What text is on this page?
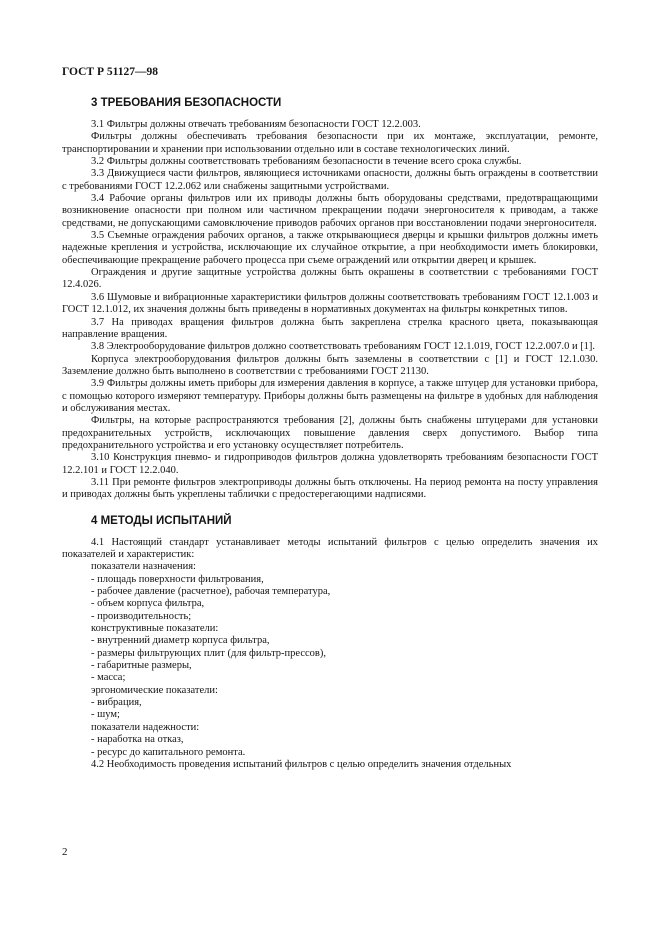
ГОСТ Р 51127—98
3 ТРЕБОВАНИЯ БЕЗОПАСНОСТИ

3.1 Фильтры должны отвечать требованиям безопасности ГОСТ 12.2.003.

Фильтры должны обеспечивать требования безопасности при их монтаже, эксплуатации, ремонте, транспортировании и хранении при использовании отдельно или в составе технологических линий.

3.2 Фильтры должны соответствовать требованиям безопасности в течение всего срока службы.

3.3 Движущиеся части фильтров, являющиеся источниками опасности, должны быть ограждены в соответствии с требованиями ГОСТ 12.2.062 или снабжены защитными устройствами.

3.4 Рабочие органы фильтров или их приводы должны быть оборудованы средствами, предотвращающими возникновение опасности при полном или частичном прекращении подачи энергоносителя к приводам, а также средствами, не допускающими самовключение приводов рабочих органов при восстановлении подачи энергоносителя.

3.5 Съемные ограждения рабочих органов, а также открывающиеся дверцы и крышки фильтров должны иметь надежные крепления и устройства, исключающие их случайное открытие, а при необходимости иметь блокировки, обеспечивающие прекращение рабочего процесса при съеме ограждений или открытии дверец и крышек.

Ограждения и другие защитные устройства должны быть окрашены в соответствии с требованиями ГОСТ 12.4.026.

3.6 Шумовые и вибрационные характеристики фильтров должны соответствовать требованиям ГОСТ 12.1.003 и ГОСТ 12.1.012, их значения должны быть приведены в нормативных документах на фильтры конкретных типов.

3.7 На приводах вращения фильтров должна быть закреплена стрелка красного цвета, показывающая направление вращения.

3.8 Электрооборудование фильтров должно соответствовать требованиям ГОСТ 12.1.019, ГОСТ 12.2.007.0 и [1].

Корпуса электрооборудования фильтров должны быть заземлены в соответствии с [1] и ГОСТ 12.1.030. Заземление должно быть выполнено в соответствии с требованиями ГОСТ 21130.

3.9 Фильтры должны иметь приборы для измерения давления в корпусе, а также штуцер для установки прибора, с помощью которого измеряют температуру. Приборы должны быть размещены на фильтре в удобных для наблюдения и обслуживания местах.

Фильтры, на которые распространяются требования [2], должны быть снабжены штуцерами для установки предохранительных устройств, исключающих повышение давления сверх допустимого. Выбор типа предохранительного устройства и его установку осуществляет потребитель.

3.10 Конструкция пневмо- и гидроприводов фильтров должна удовлетворять требованиям безопасности ГОСТ 12.2.101 и ГОСТ 12.2.040.

3.11 При ремонте фильтров электроприводы должны быть отключены. На период ремонта на посту управления и приводах должны быть укреплены таблички с предостерегающими надписями.

4 МЕТОДЫ ИСПЫТАНИЙ

4.1 Настоящий стандарт устанавливает методы испытаний фильтров с целью определить значения их показателей и характеристик:

показатели назначения:

- площадь поверхности фильтрования,

- рабочее давление (расчетное), рабочая температура,

- объем корпуса фильтра,

- производительность;

конструктивные показатели:

- внутренний диаметр корпуса фильтра,

- размеры фильтрующих плит (для фильтр-прессов),

- габаритные размеры,

- масса;

эргономические показатели:

- вибрация,

- шум;

показатели надежности:

- наработка на отказ,

- ресурс до капитального ремонта.

4.2 Необходимость проведения испытаний фильтров с целью определить значения отдельных

2
